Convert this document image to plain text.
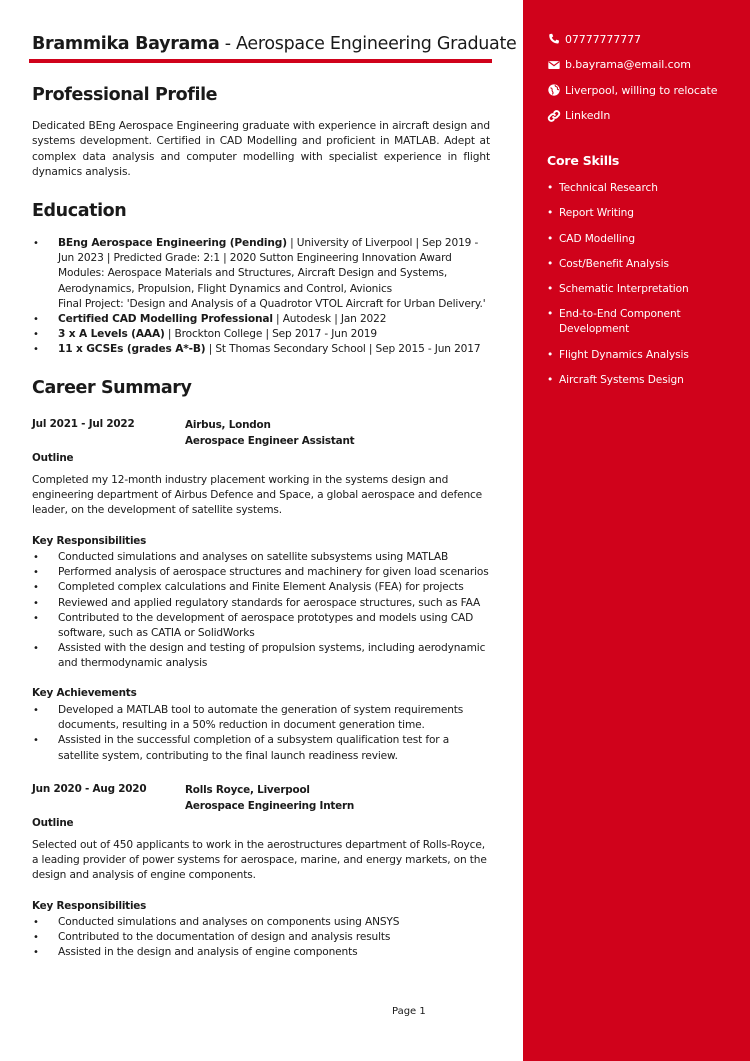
Brammika Bayrama - Aerospace Engineering Graduate
Professional Profile

Dedicated BEng Aerospace Engineering graduate with experience in aircraft design and systems development. Certified in CAD Modelling and proficient in MATLAB. Adept at complex data analysis and computer modelling with specialist experience in flight dynamics analysis.

Education
• BEng Aerospace Engineering (Pending) | University of Liverpool | Sep 2019 - Jun 2023 | Predicted Grade: 2:1 | 2020 Sutton Engineering Innovation Award
Modules: Aerospace Materials and Structures, Aircraft Design and Systems, Aerodynamics, Propulsion, Flight Dynamics and Control, Avionics
Final Project: 'Design and Analysis of a Quadrotor VTOL Aircraft for Urban Delivery.'
• Certified CAD Modelling Professional | Autodesk | Jan 2022
• 3 x A Levels (AAA) | Brockton College | Sep 2017 - Jun 2019
• 11 x GCSEs (grades A*-B) | St Thomas Secondary School | Sep 2015 - Jun 2017
Career Summary
Jul 2021 - Jul 2022	Airbus, London
Aerospace Engineer Assistant
Outline

Completed my 12-month industry placement working in the systems design and engineering department of Airbus Defence and Space, a global aerospace and defence leader, on the development of satellite systems.

Key Responsibilities
• Conducted simulations and analyses on satellite subsystems using MATLAB
• Performed analysis of aerospace structures and machinery for given load scenarios
• Completed complex calculations and Finite Element Analysis (FEA) for projects
• Reviewed and applied regulatory standards for aerospace structures, such as FAA
• Contributed to the development of aerospace prototypes and models using CAD software, such as CATIA or SolidWorks
• Assisted with the design and testing of propulsion systems, including aerodynamic and thermodynamic analysis
Key Achievements
• Developed a MATLAB tool to automate the generation of system requirements documents, resulting in a 50% reduction in document generation time.
• Assisted in the successful completion of a subsystem qualification test for a satellite system, contributing to the final launch readiness review.
Jun 2020 - Aug 2020	Rolls Royce, Liverpool
Aerospace Engineering Intern
Outline

Selected out of 450 applicants to work in the aerostructures department of Rolls-Royce, a leading provider of power systems for aerospace, marine, and energy markets, on the design and analysis of engine components.

Key Responsibilities
• Conducted simulations and analyses on components using ANSYS
• Contributed to the documentation of design and analysis results
• Assisted in the design and analysis of engine components
Page 1
07777777777
b.bayrama@email.com
Liverpool, willing to relocate
LinkedIn
Core Skills
• Technical Research
• Report Writing
• CAD Modelling
• Cost/Benefit Analysis
• Schematic Interpretation
• End-to-End Component Development
• Flight Dynamics Analysis
• Aircraft Systems Design
